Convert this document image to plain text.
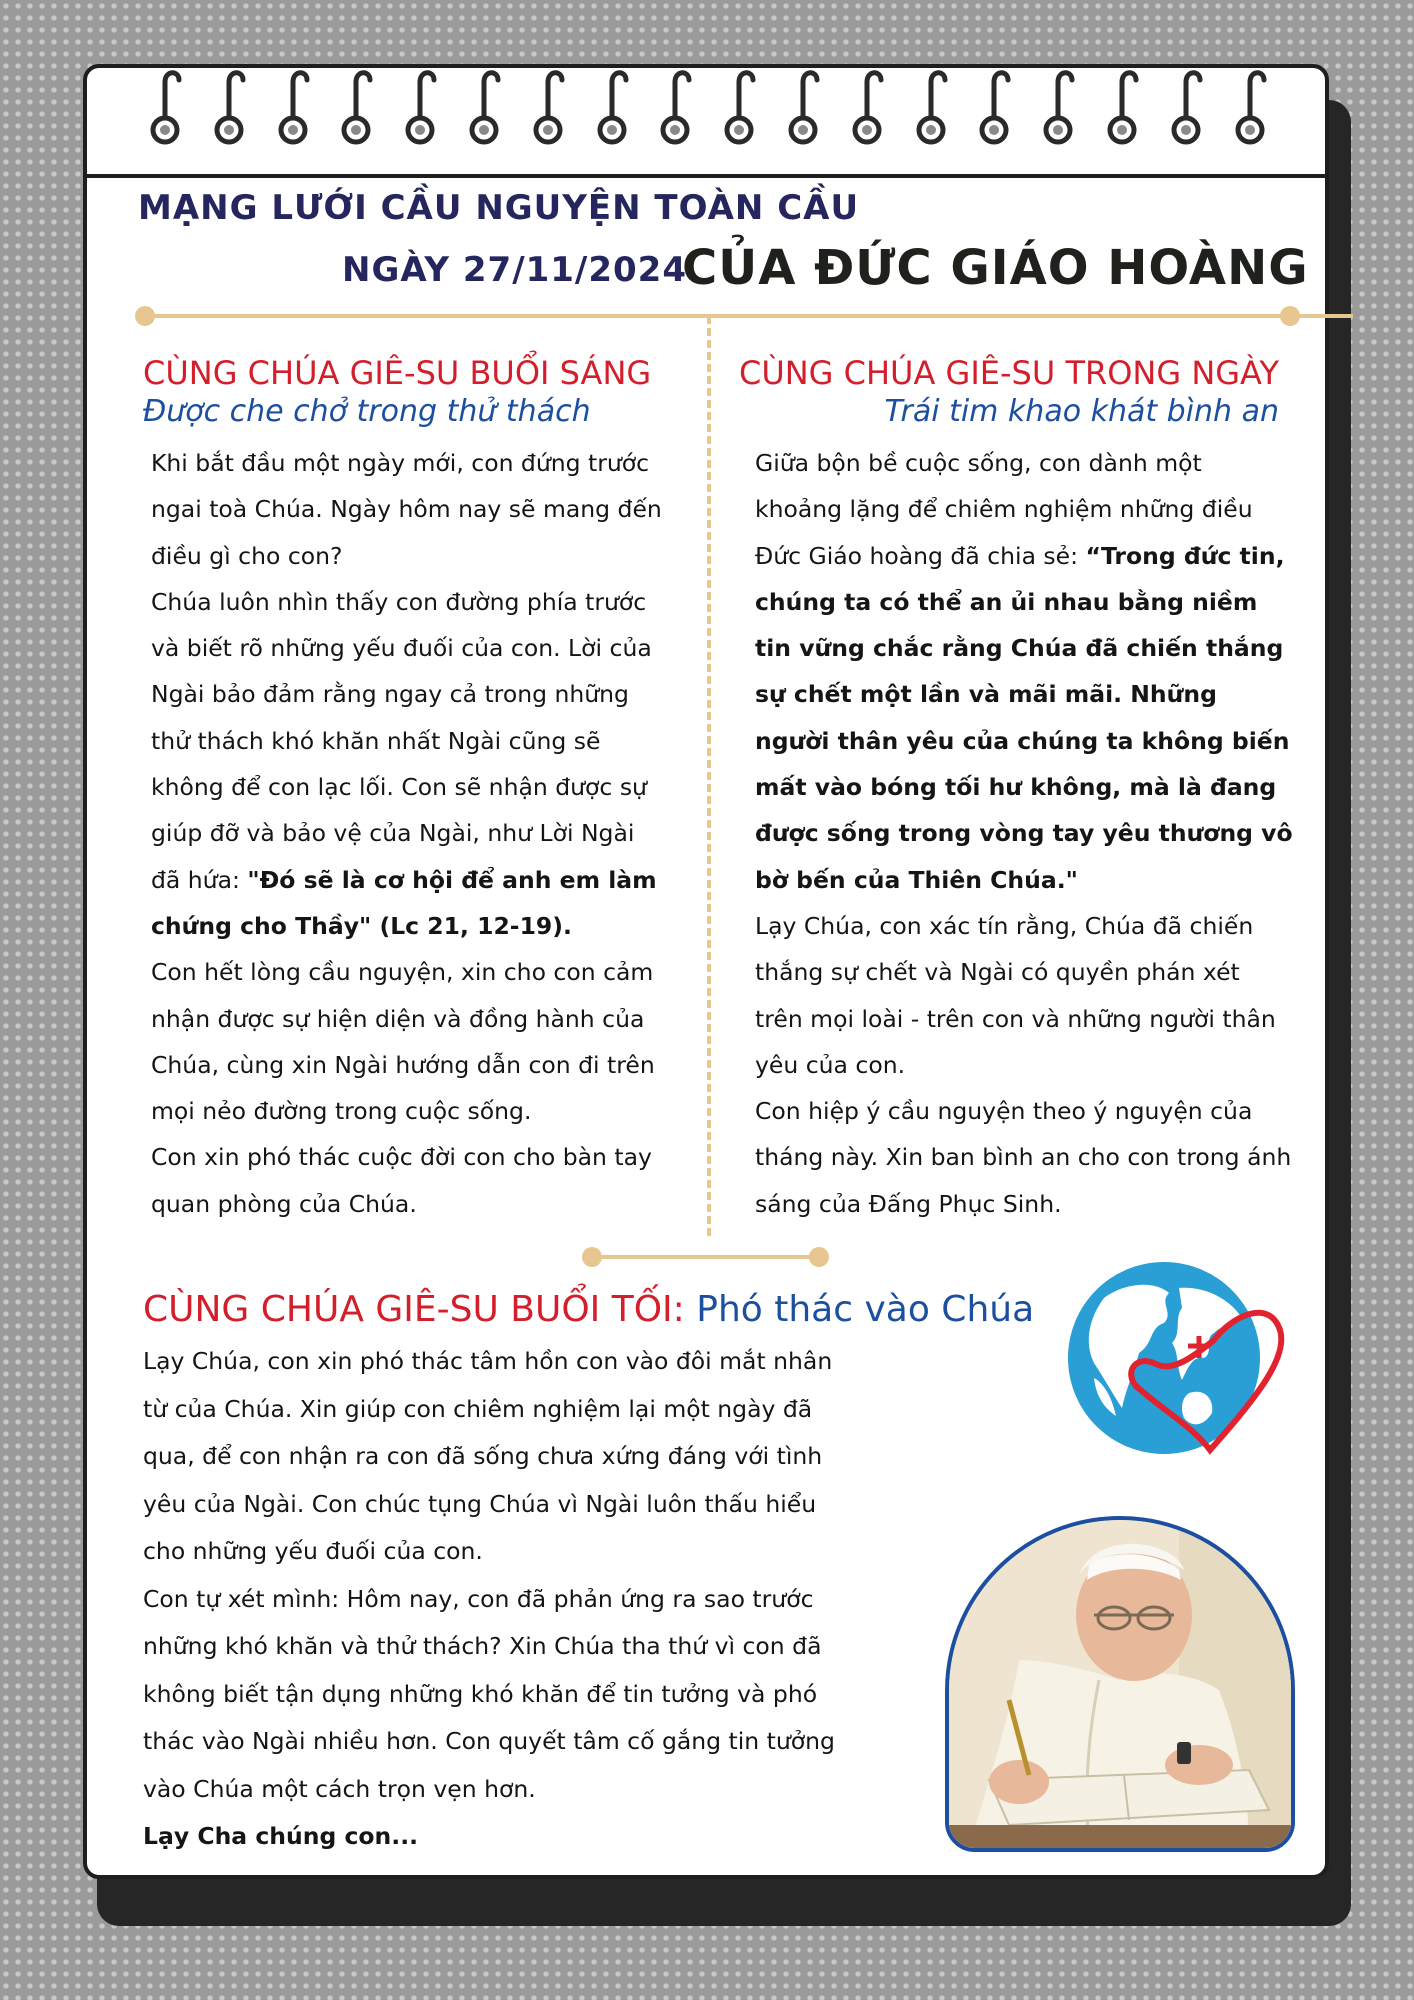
MẠNG LƯỚI CẦU NGUYỆN TOÀN CẦU
NGÀY 27/11/2024
CỦA ĐỨC GIÁO HOÀNG
CÙNG CHÚA GIÊ-SU BUỔI SÁNG
Được che chở trong thử thách

Khi bắt đầu một ngày mới, con đứng trước ngai toà Chúa. Ngày hôm nay sẽ mang đến điều gì cho con?

Chúa luôn nhìn thấy con đường phía trước và biết rõ những yếu đuối của con. Lời của Ngài bảo đảm rằng ngay cả trong những thử thách khó khăn nhất Ngài cũng sẽ không để con lạc lối. Con sẽ nhận được sự giúp đỡ và bảo vệ của Ngài, như Lời Ngài đã hứa: "Đó sẽ là cơ hội để anh em làm chứng cho Thầy" (Lc 21, 12-19).

Con hết lòng cầu nguyện, xin cho con cảm nhận được sự hiện diện và đồng hành của Chúa, cùng xin Ngài hướng dẫn con đi trên mọi nẻo đường trong cuộc sống.

Con xin phó thác cuộc đời con cho bàn tay quan phòng của Chúa.

CÙNG CHÚA GIÊ-SU TRONG NGÀY
Trái tim khao khát bình an

Giữa bộn bề cuộc sống, con dành một khoảng lặng để chiêm nghiệm những điều Đức Giáo hoàng đã chia sẻ: “Trong đức tin, chúng ta có thể an ủi nhau bằng niềm tin vững chắc rằng Chúa đã chiến thắng sự chết một lần và mãi mãi. Những người thân yêu của chúng ta không biến mất vào bóng tối hư không, mà là đang được sống trong vòng tay yêu thương vô bờ bến của Thiên Chúa."

Lạy Chúa, con xác tín rằng, Chúa đã chiến thắng sự chết và Ngài có quyền phán xét trên mọi loài - trên con và những người thân yêu của con.

Con hiệp ý cầu nguyện theo ý nguyện của tháng này. Xin ban bình an cho con trong ánh sáng của Đấng Phục Sinh.

CÙNG CHÚA GIÊ-SU BUỔI TỐI: Phó thác vào Chúa

Lạy Chúa, con xin phó thác tâm hồn con vào đôi mắt nhân từ của Chúa. Xin giúp con chiêm nghiệm lại một ngày đã qua, để con nhận ra con đã sống chưa xứng đáng với tình yêu của Ngài. Con chúc tụng Chúa vì Ngài luôn thấu hiểu cho những yếu đuối của con.

Con tự xét mình: Hôm nay, con đã phản ứng ra sao trước những khó khăn và thử thách? Xin Chúa tha thứ vì con đã không biết tận dụng những khó khăn để tin tưởng và phó thác vào Ngài nhiều hơn. Con quyết tâm cố gắng tin tưởng vào Chúa một cách trọn vẹn hơn.

Lạy Cha chúng con...
